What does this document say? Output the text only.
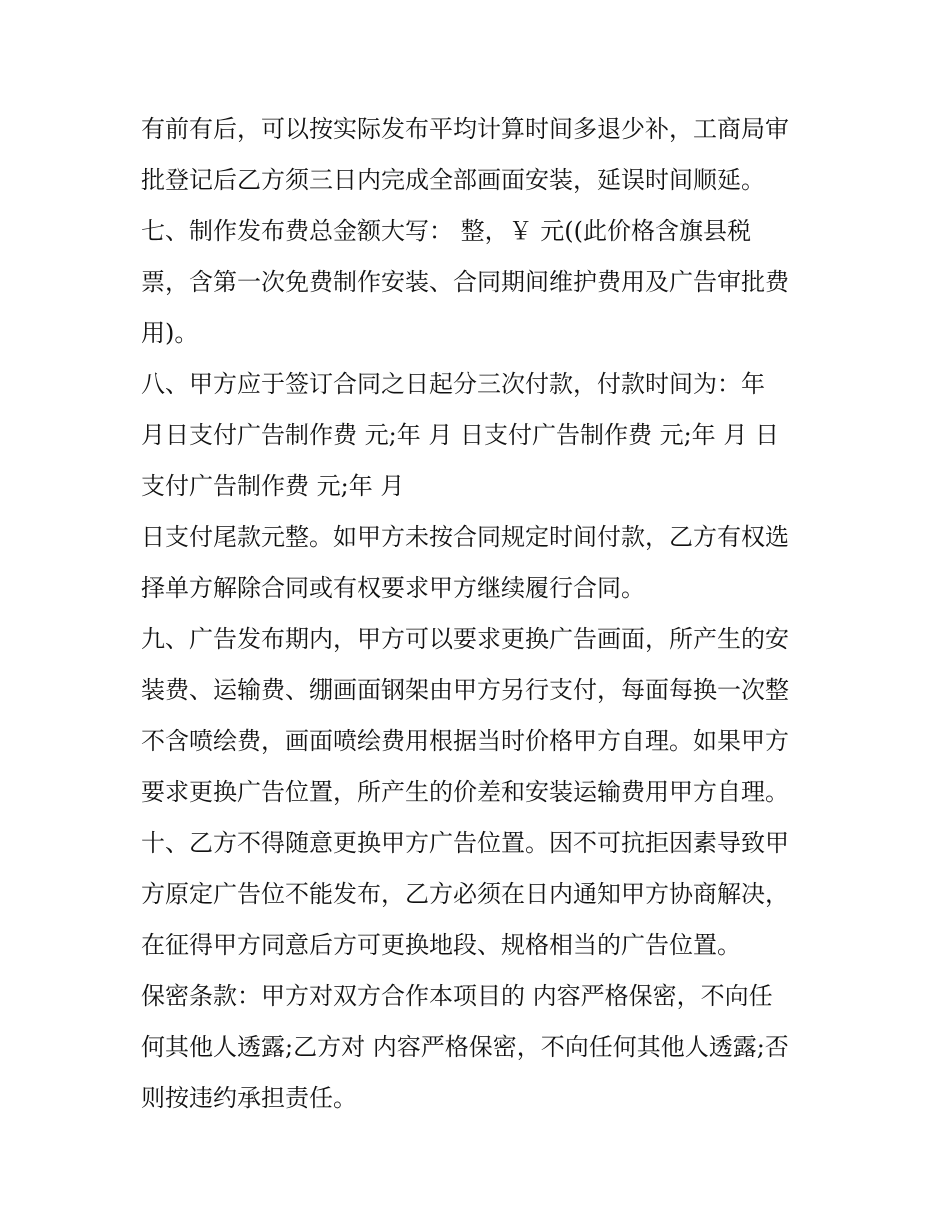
有前有后，可以按实际发布平均计算时间多退少补，工商局审
批登记后乙方须三日内完成全部画面安装，延误时间顺延。
七、制作发布费总金额大写： 整，￥ 元((此价格含旗县税
票，含第一次免费制作安装、合同期间维护费用及广告审批费
用)。
八、甲方应于签订合同之日起分三次付款，付款时间为：年
月日支付广告制作费 元;年 月 日支付广告制作费 元;年 月 日
支付广告制作费 元;年 月
日支付尾款元整。如甲方未按合同规定时间付款，乙方有权选
择单方解除合同或有权要求甲方继续履行合同。
九、广告发布期内，甲方可以要求更换广告画面，所产生的安
装费、运输费、绷画面钢架由甲方另行支付，每面每换一次整
不含喷绘费，画面喷绘费用根据当时价格甲方自理。如果甲方
要求更换广告位置，所产生的价差和安装运输费用甲方自理。
十、乙方不得随意更换甲方广告位置。因不可抗拒因素导致甲
方原定广告位不能发布，乙方必须在日内通知甲方协商解决，
在征得甲方同意后方可更换地段、规格相当的广告位置。
保密条款：甲方对双方合作本项目的 内容严格保密，不向任
何其他人透露;乙方对 内容严格保密，不向任何其他人透露;否
则按违约承担责任。
